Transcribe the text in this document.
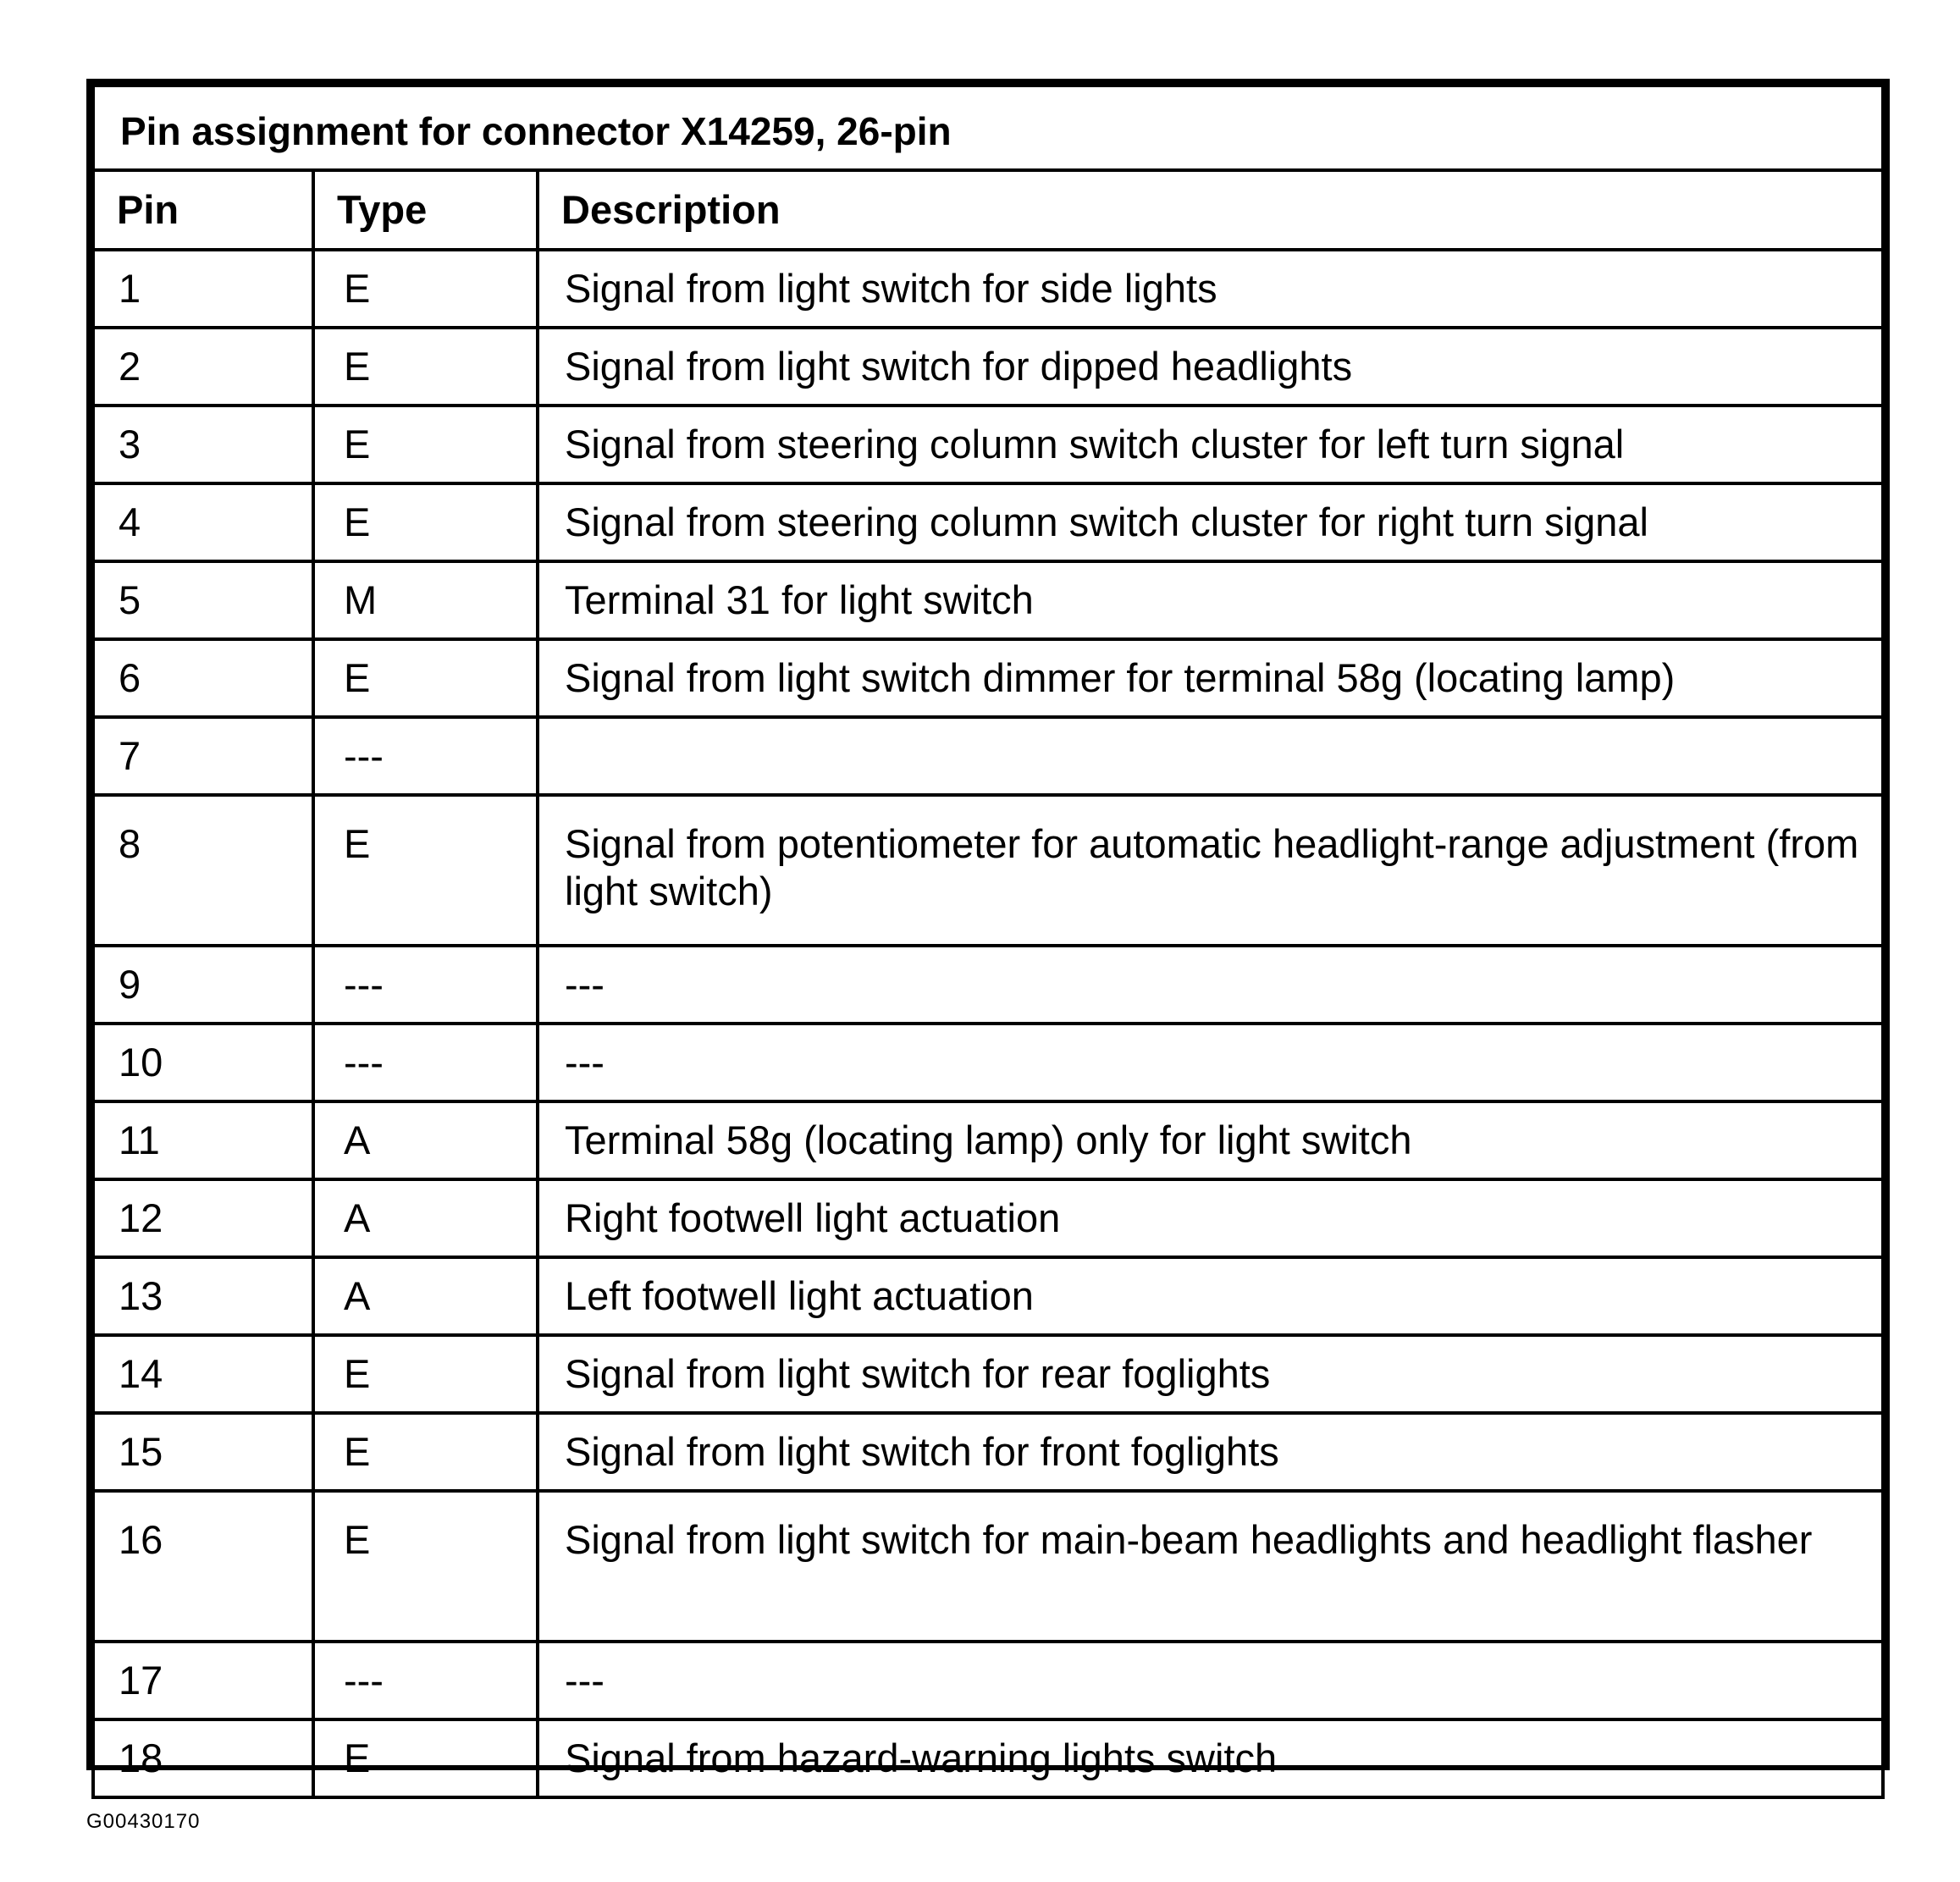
Pin assignment for connector X14259, 26-pin		
Pin	Type	Description
1	E	Signal from light switch for side lights
2	E	Signal from light switch for dipped headlights
3	E	Signal from steering column switch cluster for left turn signal
4	E	Signal from steering column switch cluster for right turn signal
5	M	Terminal 31 for light switch
6	E	Signal from light switch dimmer for terminal 58g (locating lamp)
7	---	
8	E	Signal from potentiometer for automatic headlight-range adjustment (from light switch)
9	---	---
10	---	---
11	A	Terminal 58g (locating lamp) only for light switch
12	A	Right footwell light actuation
13	A	Left footwell light actuation
14	E	Signal from light switch for rear foglights
15	E	Signal from light switch for front foglights
16	E	Signal from light switch for main-beam headlights and headlight flasher
17	---	---
18	E	Signal from hazard-warning lights switch
G00430170
